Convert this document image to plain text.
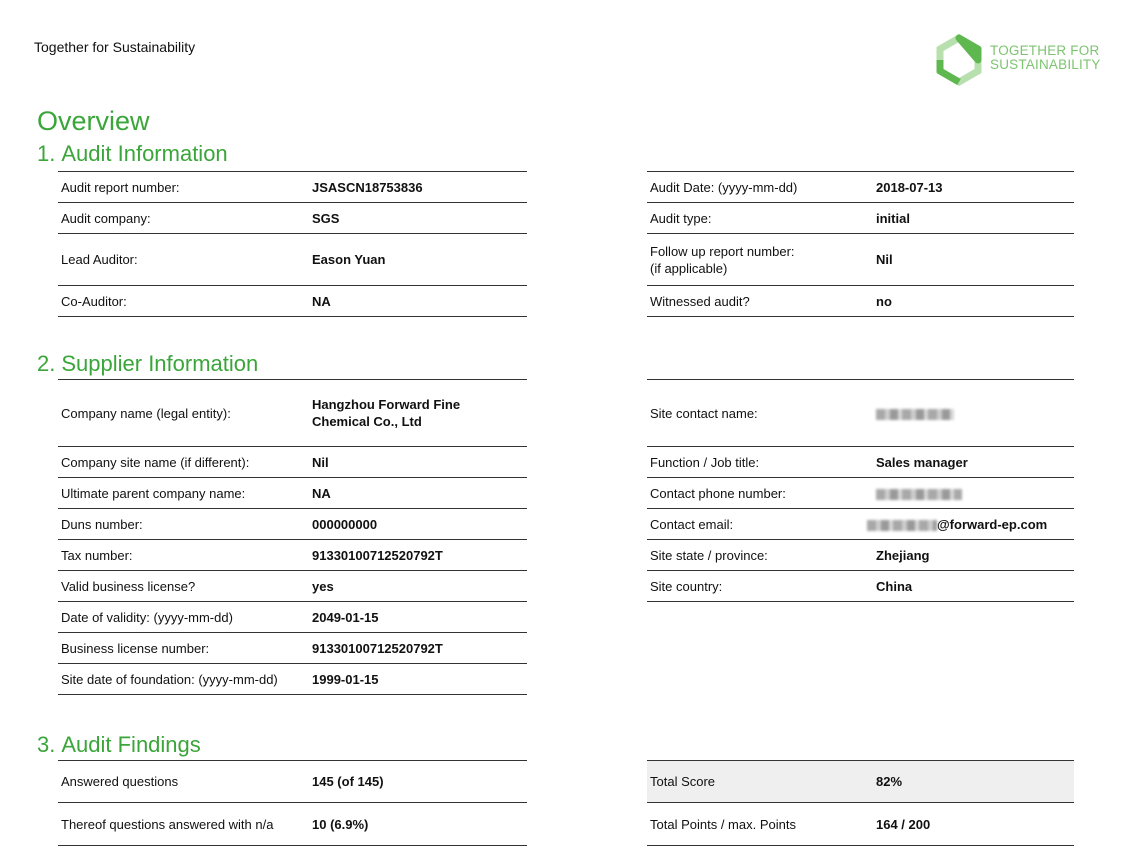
Together for Sustainability	TOGETHER FOR
SUSTAINABILITY
Overview
1. Audit Information
Audit report number:	JSASCN18753836
Audit company:	SGS
Lead Auditor:	Eason Yuan
Co-Auditor:	NA
Audit Date: (yyyy-mm-dd)	2018-07-13
Audit type:	initial

Follow up report number:
(if applicable)	Nil
Witnessed audit?	no
2. Supplier Information
Company name (legal entity):	Hangzhou Forward Fine
Chemical Co., Ltd

Company site name (if different):	Nil
Ultimate parent company name:	NA
Duns number:	000000000
Tax number:	91330100712520792T
Valid business license?	yes
Date of validity: (yyyy-mm-dd)	2049-01-15
Business license number:	91330100712520792T
Site date of foundation: (yyyy-mm-dd)	1999-01-15
Site contact name:	
Function / Job title:	Sales manager
Contact phone number:	
Contact email:	@forward-ep.com
Site state / province:	Zhejiang
Site country:	China
3. Audit Findings
Answered questions	145 (of 145)
Thereof questions answered with n/a	10 (6.9%)
Total Score	82%
Total Points / max. Points	164 / 200
